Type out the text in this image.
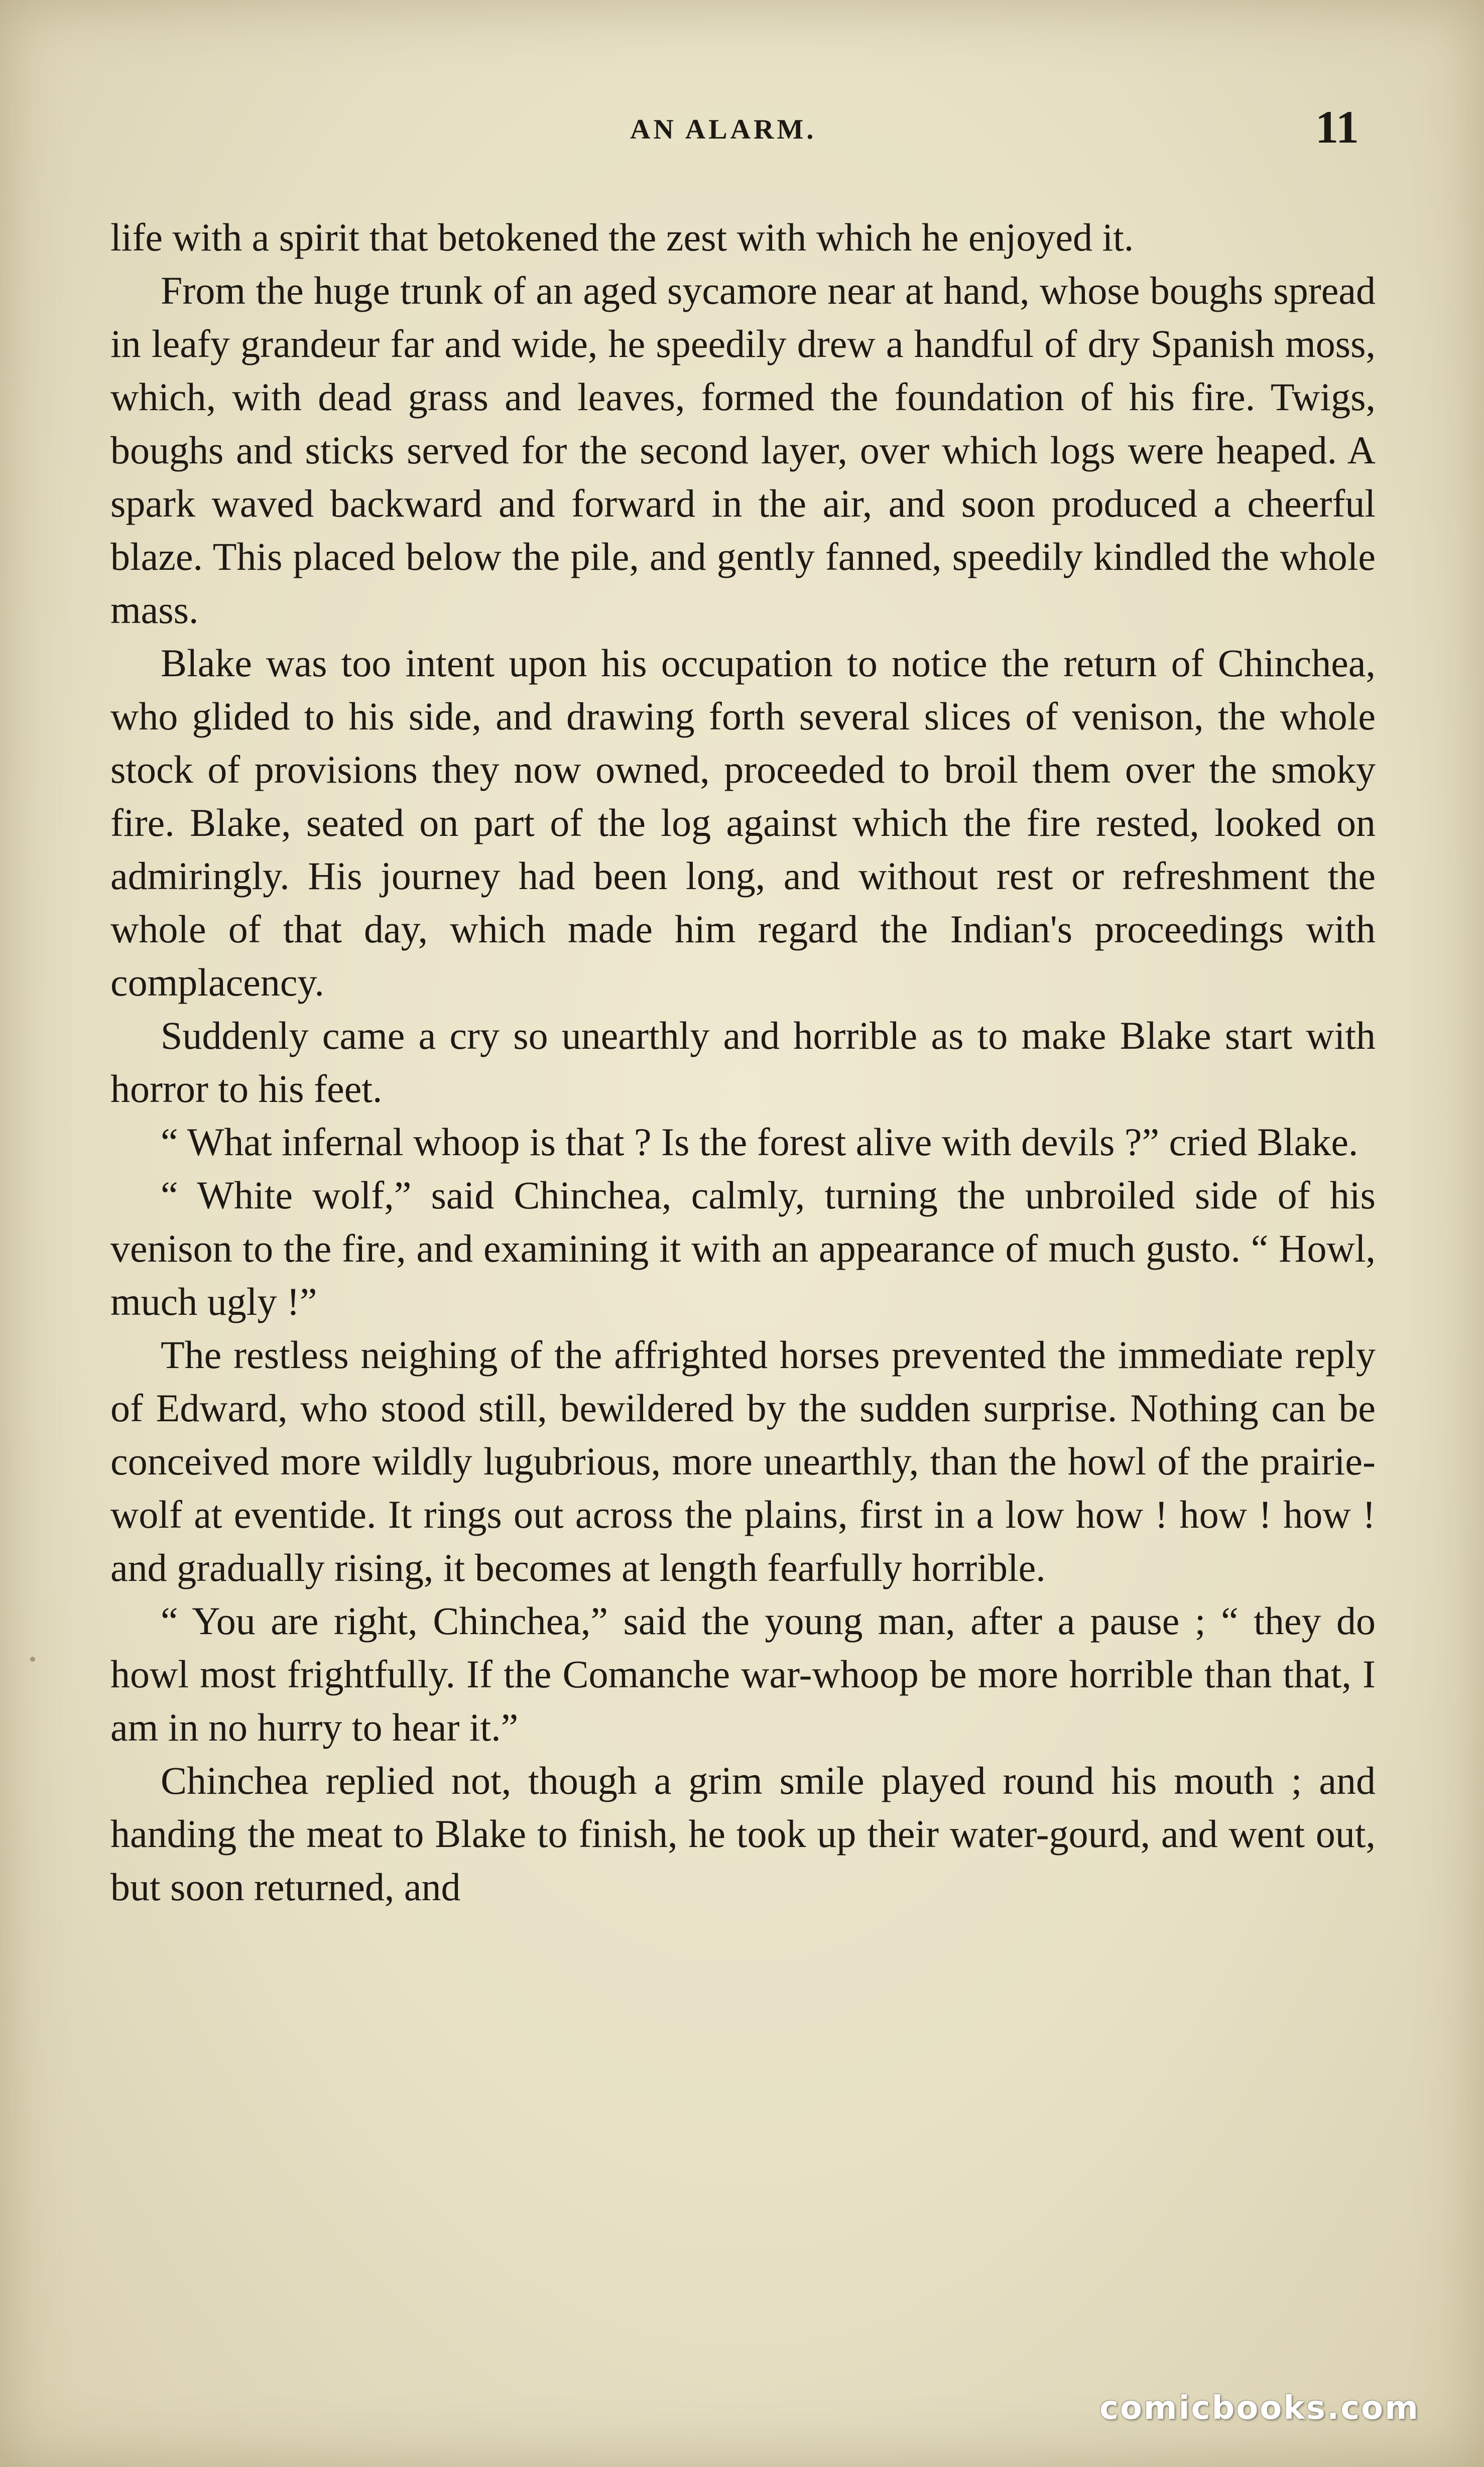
AN ALARM.	11

life with a spirit that betokened the zest with which he enjoyed it.

From the huge trunk of an aged sycamore near at hand, whose boughs spread in leafy grandeur far and wide, he speedily drew a handful of dry Spanish moss, which, with dead grass and leaves, formed the foundation of his fire. Twigs, boughs and sticks served for the second layer, over which logs were heaped. A spark waved backward and forward in the air, and soon produced a cheerful blaze. This placed below the pile, and gently fanned, speedily kindled the whole mass.

Blake was too intent upon his occupation to notice the return of Chinchea, who glided to his side, and drawing forth several slices of venison, the whole stock of provisions they now owned, proceeded to broil them over the smoky fire. Blake, seated on part of the log against which the fire rested, looked on admiringly. His journey had been long, and without rest or refreshment the whole of that day, which made him regard the Indian's proceedings with complacency.

Suddenly came a cry so unearthly and horrible as to make Blake start with horror to his feet.

“ What infernal whoop is that ? Is the forest alive with devils ?” cried Blake.

“ White wolf,” said Chinchea, calmly, turning the unbroiled side of his venison to the fire, and examining it with an appearance of much gusto. “ Howl, much ugly !”

The restless neighing of the affrighted horses prevented the immediate reply of Edward, who stood still, bewildered by the sudden surprise. Nothing can be conceived more wildly lugubrious, more unearthly, than the howl of the prairie-wolf at eventide. It rings out across the plains, first in a low how ! how ! how ! and gradually rising, it becomes at length fearfully horrible.

“ You are right, Chinchea,” said the young man, after a pause ; “ they do howl most frightfully. If the Comanche war-whoop be more horrible than that, I am in no hurry to hear it.”

Chinchea replied not, though a grim smile played round his mouth ; and handing the meat to Blake to finish, he took up their water-gourd, and went out, but soon returned, and

comicbooks.com
